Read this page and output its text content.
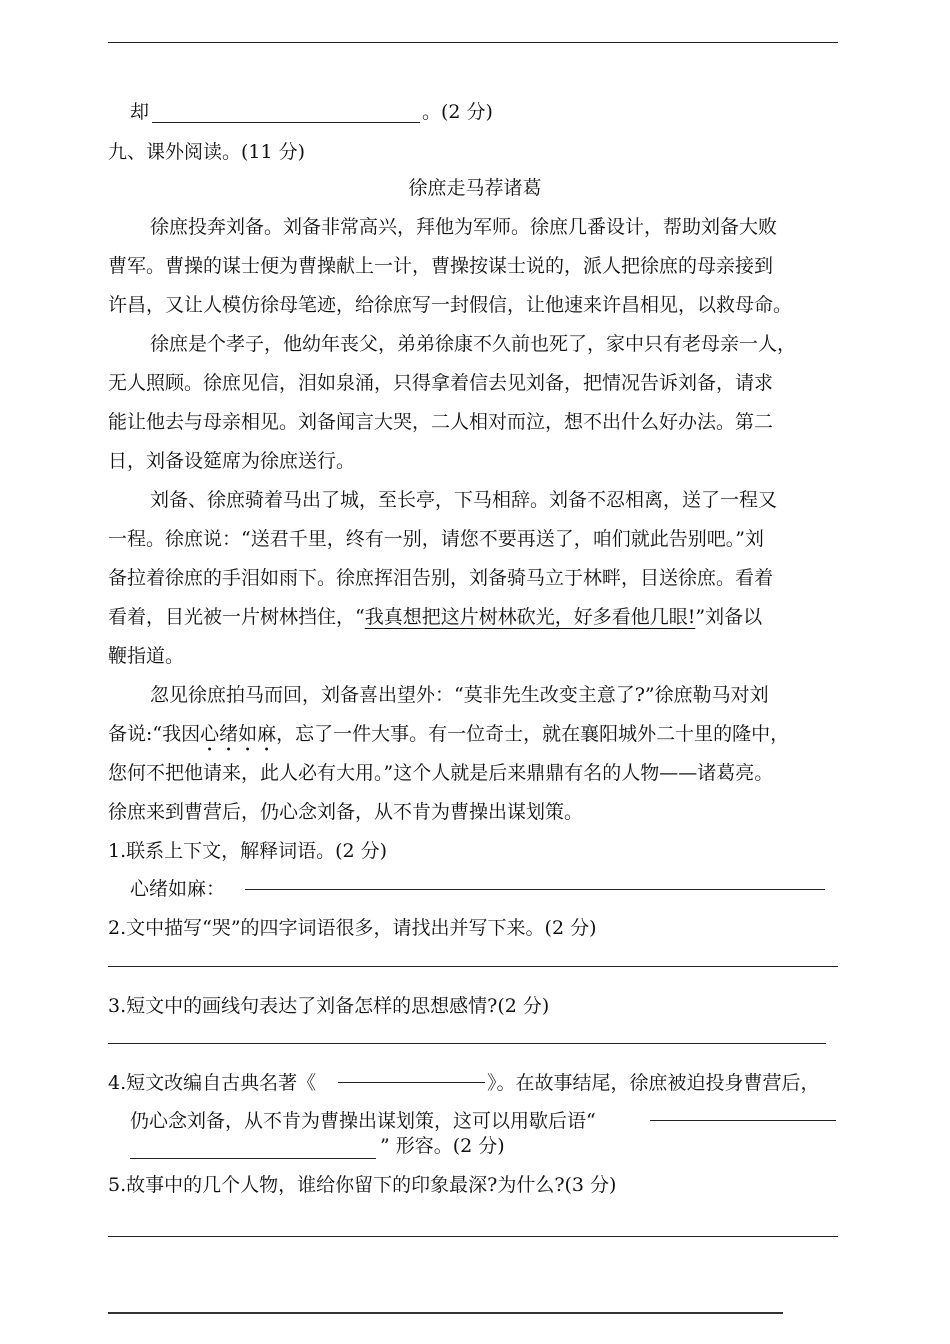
却	。(2 分)
九、课外阅读。(11 分)
徐庶走马荐诸葛
徐庶投奔刘备。刘备非常高兴，拜他为军师。徐庶几番设计，帮助刘备大败
曹军。曹操的谋士便为曹操献上一计，曹操按谋士说的，派人把徐庶的母亲接到
许昌，又让人模仿徐母笔迹，给徐庶写一封假信，让他速来许昌相见，以救母命。
徐庶是个孝子，他幼年丧父，弟弟徐康不久前也死了，家中只有老母亲一人，
无人照顾。徐庶见信，泪如泉涌，只得拿着信去见刘备，把情况告诉刘备，请求
能让他去与母亲相见。刘备闻言大哭，二人相对而泣，想不出什么好办法。第二
日，刘备设筵席为徐庶送行。
刘备、徐庶骑着马出了城，至长亭，下马相辞。刘备不忍相离，送了一程又
一程。徐庶说：“送君千里，终有一别，请您不要再送了，咱们就此告别吧。”刘
备拉着徐庶的手泪如雨下。徐庶挥泪告别，刘备骑马立于林畔，目送徐庶。看着
看着，目光被一片树林挡住，“我真想把这片树林砍光，好多看他几眼!”刘备以
鞭指道。
忽见徐庶拍马而回，刘备喜出望外：“莫非先生改变主意了?”徐庶勒马对刘
备说:“我因心绪如麻，忘了一件大事。有一位奇士，就在襄阳城外二十里的隆中，
您何不把他请来，此人必有大用。”这个人就是后来鼎鼎有名的人物——诸葛亮。
徐庶来到曹营后，仍心念刘备，从不肯为曹操出谋划策。
1.联系上下文，解释词语。(2 分)
心绪如麻：
2.文中描写“哭”的四字词语很多，请找出并写下来。(2 分)
3.短文中的画线句表达了刘备怎样的思想感情?(2 分)
4.短文改编自古典名著《	》。在故事结尾，徐庶被迫投身曹营后，
仍心念刘备，从不肯为曹操出谋划策，这可以用歇后语“
” 形容。(2 分)
5.故事中的几个人物，谁给你留下的印象最深?为什么?(3 分)
